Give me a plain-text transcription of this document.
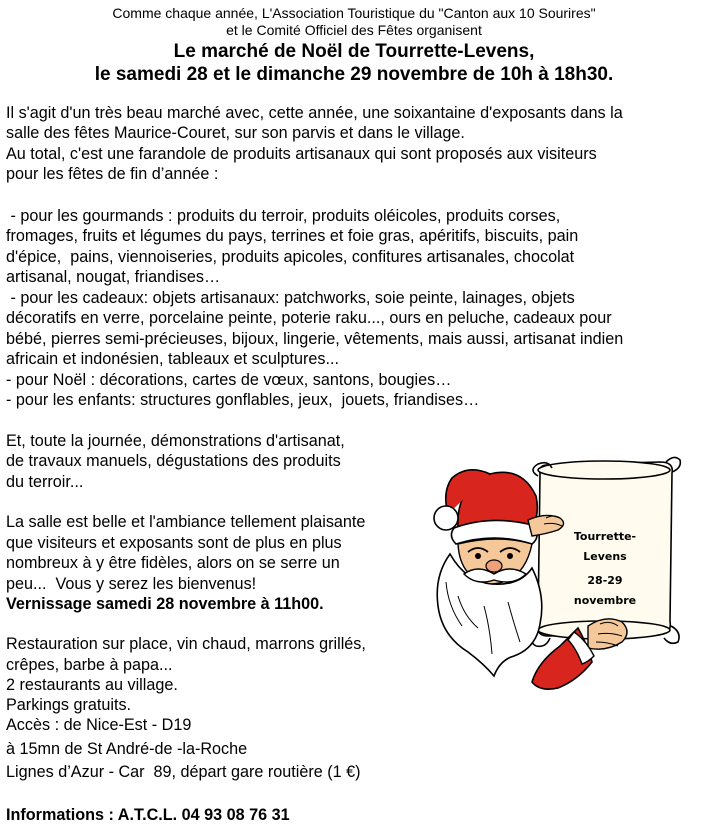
Comme chaque année, L'Association Touristique du "Canton aux 10 Sourires"
et le Comité Officiel des Fêtes organisent
Le marché de Noël de Tourrette-Levens,
le samedi 28 et le dimanche 29 novembre de 10h à 18h30.
Il s'agit d'un très beau marché avec, cette année, une soixantaine d'exposants dans la
salle des fêtes Maurice-Couret, sur son parvis et dans le village.
Au total, c'est une farandole de produits artisanaux qui sont proposés aux visiteurs
pour les fêtes de fin d’année :
- pour les gourmands : produits du terroir, produits oléicoles, produits corses,
fromages, fruits et légumes du pays, terrines et foie gras, apéritifs, biscuits, pain
d'épice,  pains, viennoiseries, produits apicoles, confitures artisanales, chocolat
artisanal, nougat, friandises…
- pour les cadeaux: objets artisanaux: patchworks, soie peinte, lainages, objets
décoratifs en verre, porcelaine peinte, poterie raku..., ours en peluche, cadeaux pour
bébé, pierres semi-précieuses, bijoux, lingerie, vêtements, mais aussi, artisanat indien
africain et indonésien, tableaux et sculptures...
- pour Noël : décorations, cartes de vœux, santons, bougies…
- pour les enfants: structures gonflables, jeux,  jouets, friandises…
Et, toute la journée, démonstrations d'artisanat,
de travaux manuels, dégustations des produits
du terroir...
La salle est belle et l'ambiance tellement plaisante
que visiteurs et exposants sont de plus en plus
nombreux à y être fidèles, alors on se serre un
peu...  Vous y serez les bienvenus!
Vernissage samedi 28 novembre à 11h00.
Restauration sur place, vin chaud, marrons grillés,
crêpes, barbe à papa...
2 restaurants au village.
Parkings gratuits.
Accès : de Nice-Est - D19
à 15mn de St André-de -la-Roche
Lignes d’Azur - Car  89, départ gare routière (1 €)
Informations : A.T.C.L. 04 93 08 76 31
Tourrette-
Levens
28-29
novembre
